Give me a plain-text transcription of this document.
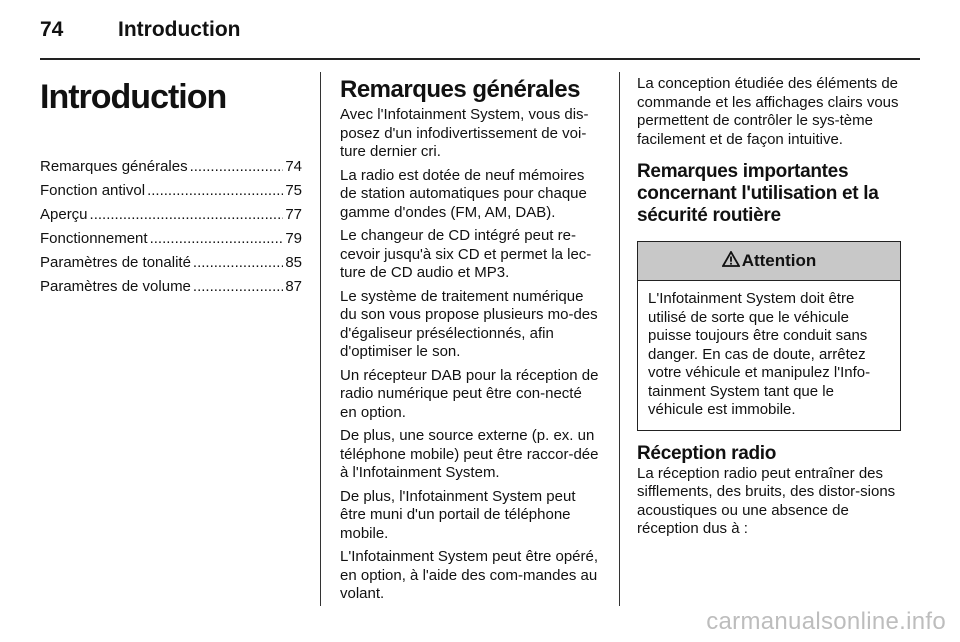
74	Introduction
Introduction
Remarques générales .....	74
Fonction antivol .....	75
Aperçu .....	77
Fonctionnement .....	79
Paramètres de tonalité .....	85
Paramètres de volume .....	87
Remarques générales

Avec l'Infotainment System, vous dis-posez d'un infodivertissement de voi-ture dernier cri.

La radio est dotée de neuf mémoires de station automatiques pour chaque gamme d'ondes (FM, AM, DAB).

Le changeur de CD intégré peut re-cevoir jusqu'à six CD et permet la lec-ture de CD audio et MP3.

Le système de traitement numérique du son vous propose plusieurs mo-des d'égaliseur présélectionnés, afin d'optimiser le son.

Un récepteur DAB pour la réception de radio numérique peut être con-necté en option.

De plus, une source externe (p. ex. un téléphone mobile) peut être raccor-dée à l'Infotainment System.

De plus, l'Infotainment System peut être muni d'un portail de téléphone mobile.

L'Infotainment System peut être opéré, en option, à l'aide des com-mandes au volant.

La conception étudiée des éléments de commande et les affichages clairs vous permettent de contrôler le sys-tème facilement et de façon intuitive.

Remarques importantes concernant l'utilisation et la sécurité routière
Attention

L'Infotainment System doit être utilisé de sorte que le véhicule puisse toujours être conduit sans danger. En cas de doute, arrêtez votre véhicule et manipulez l'Info-tainment System tant que le véhicule est immobile.

Réception radio

La réception radio peut entraîner des sifflements, des bruits, des distor-sions acoustiques ou une absence de réception dus à :

carmanualsonline.info
